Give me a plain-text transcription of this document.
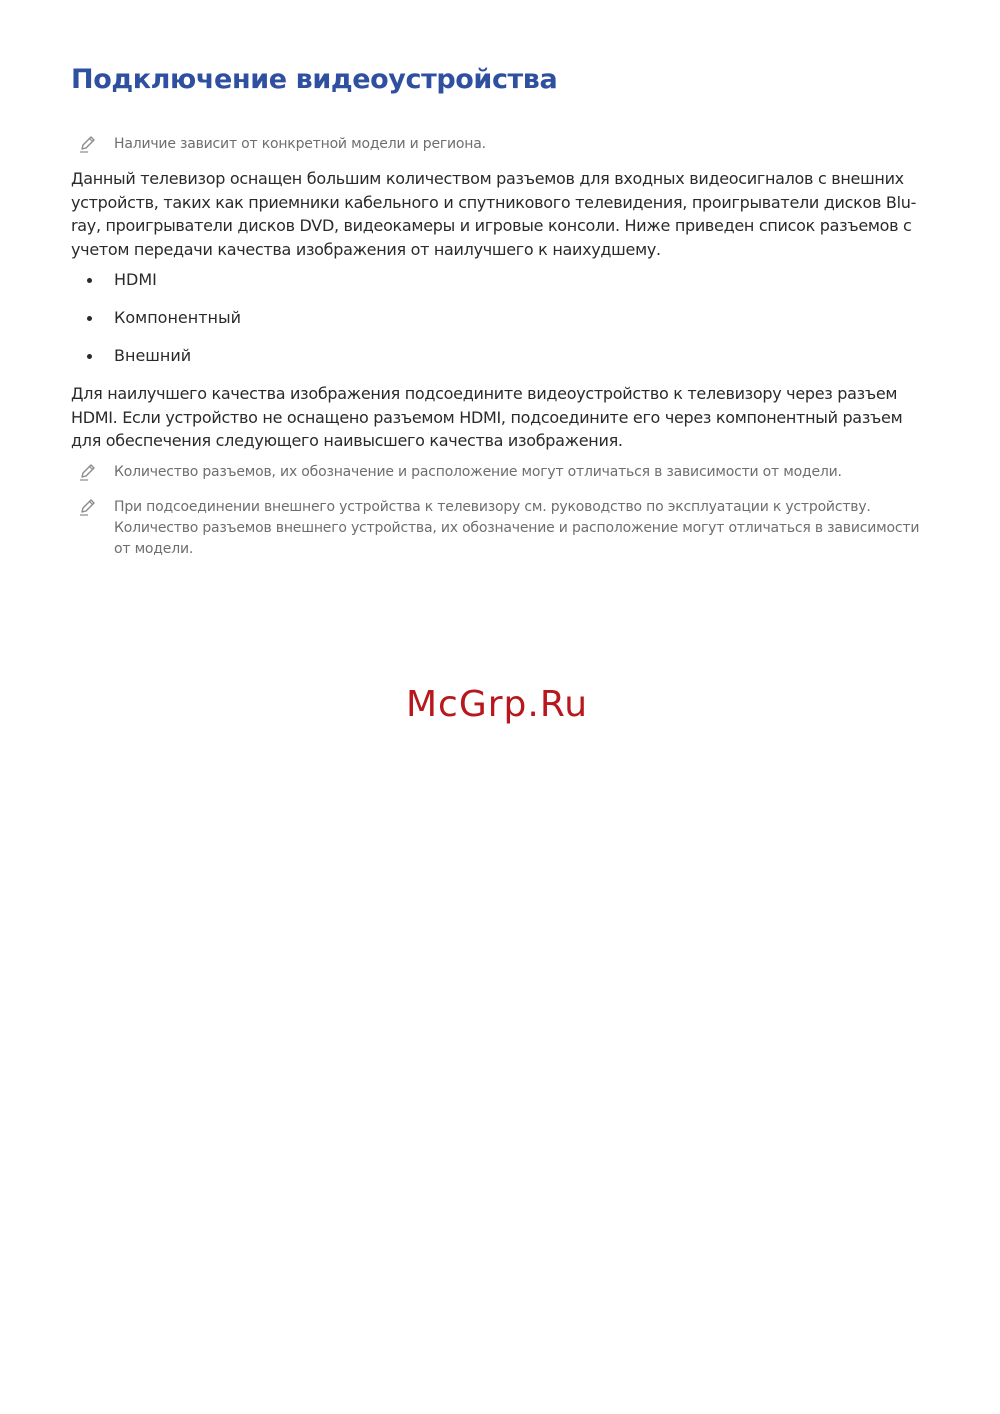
Подключение видеоустройства
Наличие зависит от конкретной модели и региона.

Данный телевизор оснащен большим количеством разъемов для входных видеосигналов с внешних устройств, таких как приемники кабельного и спутникового телевидения, проигрыватели дисков Blu-ray, проигрыватели дисков DVD, видеокамеры и игровые консоли. Ниже приведен список разъемов с учетом передачи качества изображения от наилучшего к наихудшему.

HDMI
Компонентный
Внешний

Для наилучшего качества изображения подсоедините видеоустройство к телевизору через разъем HDMI. Если устройство не оснащено разъемом HDMI, подсоедините его через компонентный разъем для обеспечения следующего наивысшего качества изображения.

Количество разъемов, их обозначение и расположение могут отличаться в зависимости от модели.
При подсоединении внешнего устройства к телевизору см. руководство по эксплуатации к устройству. Количество разъемов внешнего устройства, их обозначение и расположение могут отличаться в зависимости от модели.
McGrp.Ru
